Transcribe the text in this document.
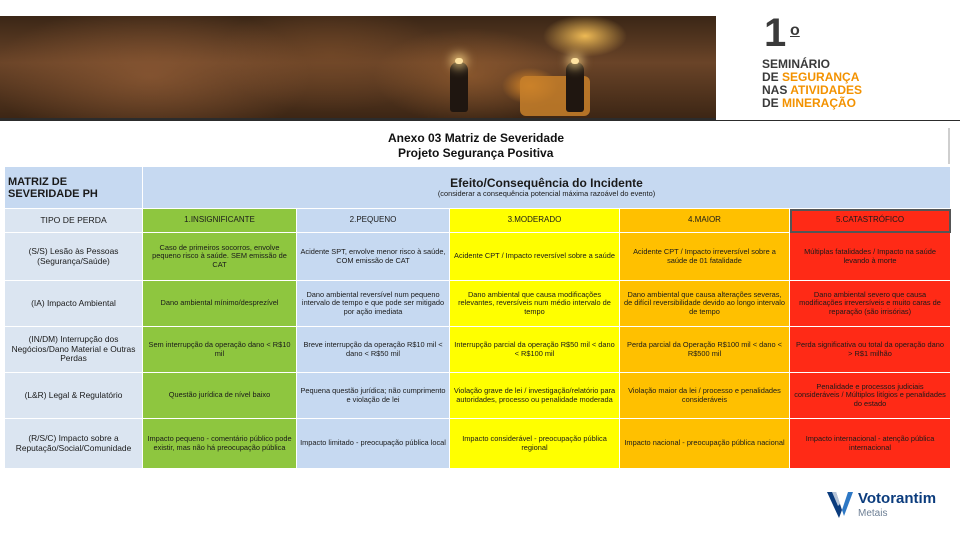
1 o
SEMINÁRIO
DE SEGURANÇA
NAS ATIVIDADES
DE MINERAÇÃO
Anexo 03 Matriz de Severidade
Projeto Segurança Positiva
MATRIZ DE SEVERIDADE PH	Efeito/Consequência do Incidente
(considerar a consequência potencial máxima razoável do evento)				

TIPO DE PERDA	1.INSIGNIFICANTE	2.PEQUENO	3.MODERADO	4.MAIOR	5.CATASTRÓFICO
(S/S) Lesão às Pessoas (Segurança/Saúde)	Caso de primeiros socorros, envolve pequeno risco à saúde. SEM emissão de CAT	Acidente SPT, envolve menor risco à saúde, COM emissão de CAT	Acidente CPT / Impacto reversível sobre a saúde	Acidente CPT / Impacto irreversível sobre a saúde de 01 fatalidade	Múltiplas fatalidades / Impacto na saúde levando à morte
(IA) Impacto Ambiental	Dano ambiental mínimo/desprezível	Dano ambiental reversível num pequeno intervalo de tempo e que pode ser mitigado por ação imediata	Dano ambiental que causa modificações relevantes, reversíveis num médio intervalo de tempo	Dano ambiental que causa alterações severas, de difícil reversibilidade devido ao longo intervalo de tempo	Dano ambiental severo que causa modificações irreversíveis e muito caras de reparação (são irrisórias)
(IN/DM) Interrupção dos Negócios/Dano Material e Outras Perdas	Sem interrupção da operação dano < R$10 mil	Breve interrupção da operação R$10 mil < dano < R$50 mil	Interrupção parcial da operação R$50 mil < dano < R$100 mil	Perda parcial da Operação R$100 mil < dano < R$500 mil	Perda significativa ou total da operação dano > R$1 milhão
(L&R) Legal & Regulatório	Questão jurídica de nível baixo	Pequena questão jurídica; não cumprimento e violação de lei	Violação grave de lei / investigação/relatório para autoridades, processo ou penalidade moderada	Violação maior da lei / processo e penalidades consideráveis	Penalidade e processos judiciais consideráveis / Múltiplos litígios e penalidades do estado
(R/S/C) Impacto sobre a Reputação/Social/Comunidade	Impacto pequeno - comentário público pode existir, mas não há preocupação pública	Impacto limitado - preocupação pública local	Impacto considerável - preocupação pública regional	Impacto nacional - preocupação pública nacional	Impacto internacional - atenção pública internacional
Votorantim
Metais
